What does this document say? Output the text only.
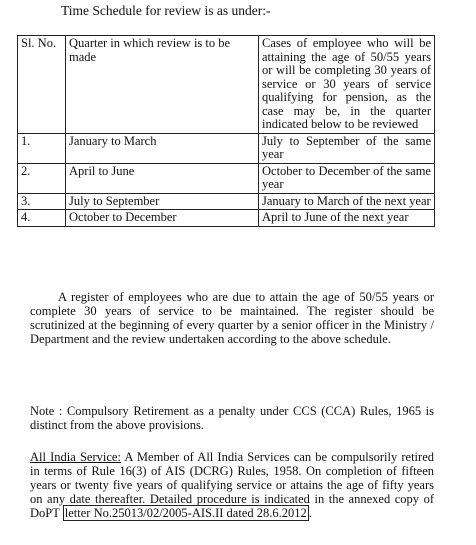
Time Schedule for review is as under:-
Sl. No.	Quarter in which review is to be made	Cases of employee who will be attaining the age of 50/55 years or will be completing 30 years of service or 30 years of service qualifying for pension, as the case may be, in the quarter indicated below to be reviewed
1.	January to March	July to September of the same year
2.	April to June	October to December of the same year
3.	July to September	January to March of the next year
4.	October to December	April to June of the next year

A register of employees who are due to attain the age of 50/55 years or complete 30 years of service to be maintained. The register should be scrutinized at the beginning of every quarter by a senior officer in the Ministry / Department and the review undertaken according to the above schedule.

Note : Compulsory Retirement as a penalty under CCS (CCA) Rules, 1965 is distinct from the above provisions.

All India Service: A Member of All India Services can be compulsorily retired in terms of Rule 16(3) of AIS (DCRG) Rules, 1958. On completion of fifteen years or twenty five years of qualifying service or attains the age of fifty years on any date thereafter. Detailed procedure is indicated in the annexed copy of DoPT letter No.25013/02/2005-AIS.II dated 28.6.2012 .
